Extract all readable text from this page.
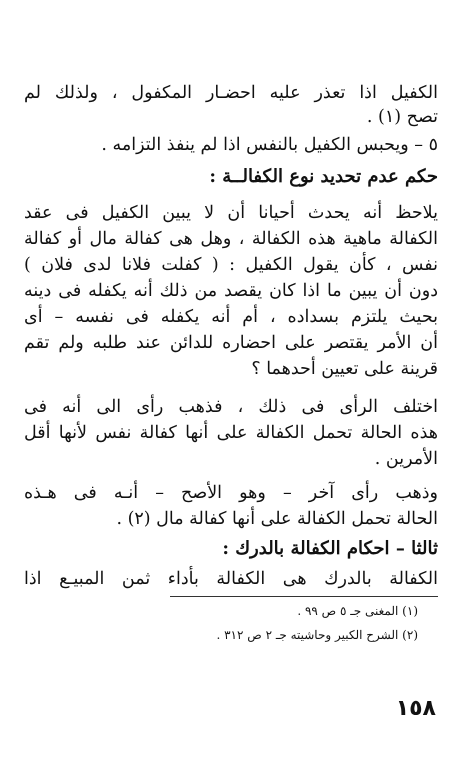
الكفيل اذا تعذر عليه احضـار المكفول ، ولذلك لم
تصح (١) .
٥ – ويحبس الكفيل بالنفس اذا لم ينفذ التزامه .
حكم عدم تحديد نوع الكفالــة :
يلاحظ أنه يحدث أحيانا أن لا يبين الكفيل فى عقد
الكفالة ماهية هذه الكفالة ، وهل هى كفالة مال أو كفالة
نفس ، كأن يقول الكفيل : ( كفلت فلانا لدى فلان )
دون أن يبين ما اذا كان يقصد من ذلك أنه يكفله فى دينه
بحيث يلتزم بسداده ، أم أنه يكفله فى نفسه – أى
أن الأمر يقتصر على احضاره للدائن عند طلبه ولم تقم
قرينة على تعيين أحدهما ؟
اختلف الرأى فى ذلك ، فذهب رأى الى أنه فى
هذه الحالة تحمل الكفالة على أنها كفالة نفس لأنها أقل
الأمرين .
وذهب رأى آخر – وهو الأصح – أنـه فى هـذه
الحالة تحمل الكفالة على أنها كفالة مال (٢) .
ثالثا – احكام الكفالة بالدرك :
الكفالة بالدرك هى الكفالة بأداء ثمن المبيـع اذا
(١) المغنى جـ ٥ ص ٩٩ .
(٢) الشرح الكبير وحاشيته جـ ٢ ص ٣١٢ .
١٥٨
